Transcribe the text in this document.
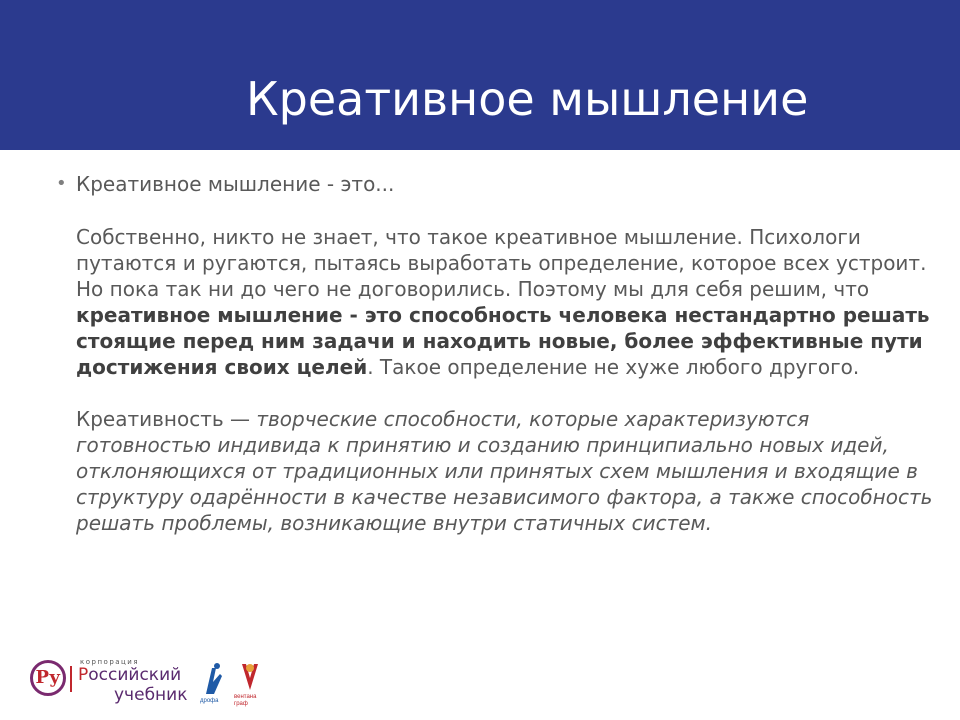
Креативное мышление
• Креативное мышление - это...
Собственно, никто не знает, что такое креативное мышление. Психологи путаются и ругаются, пытаясь выработать определение, которое всех устроит. Но пока так ни до чего не договорились. Поэтому мы для себя решим, что креативное мышление - это способность человека нестандартно решать стоящие перед ним задачи и находить новые, более эффективные пути достижения своих целей. Такое определение не хуже любого другого.
Креативность — творческие способности, которые характеризуются готовностью индивида к принятию и созданию принципиально новых идей, отклоняющихся от традиционных или принятых схем мышления и входящие в структуру одарённости в качестве независимого фактора, а также способность решать проблемы, возникающие внутри статичных систем.
Ру
корпорация
Российский
учебник дрофа
вентана
граф
